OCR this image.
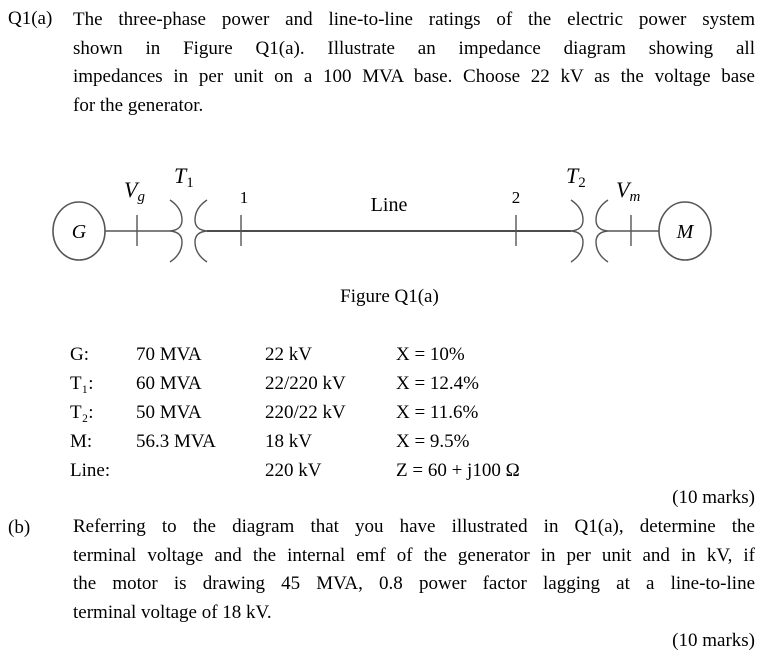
Q1(a) The three-phase power and line-to-line ratings of the electric power system
shown in Figure Q1(a). Illustrate an impedance diagram showing all
impedances in per unit on a 100 MVA base. Choose 22 kV as the voltage base
for the generator.
G	M
Vg
T1
1	Line	2
T2 Vm
Figure Q1(a)
G:	70 MVA	22 kV	X = 10%
T₁:	60 MVA	22/220 kV	X = 12.4%
T₂:	50 MVA	220/22 kV	X = 11.6%
M:	56.3 MVA	18 kV	X = 9.5%
Line:		220 kV	Z = 60 + j100 Ω
(10 marks)
(b) Referring to the diagram that you have illustrated in Q1(a), determine the
terminal voltage and the internal emf of the generator in per unit and in kV, if
the motor is drawing 45 MVA, 0.8 power factor lagging at a line-to-line
terminal voltage of 18 kV.
(10 marks)
